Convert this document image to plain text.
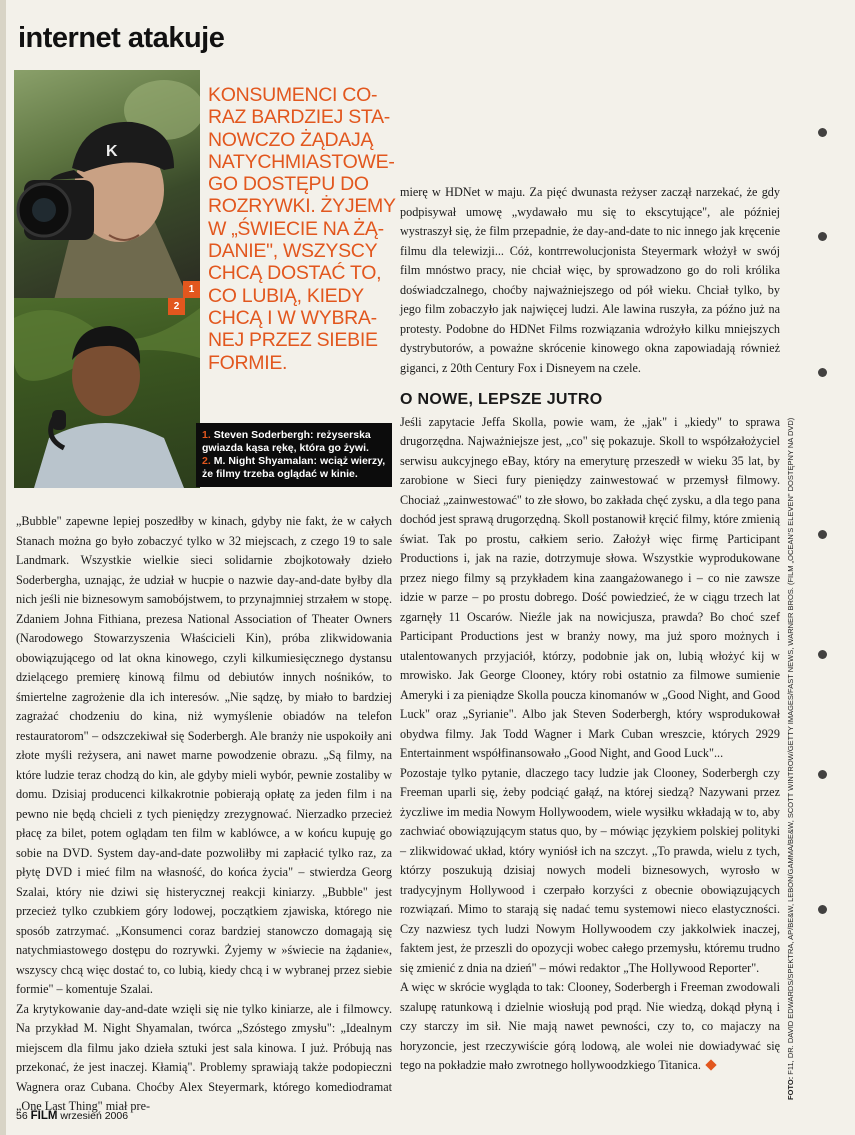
internet atakuje
K
1
2
KONSUMENCI CO-
RAZ BARDZIEJ STA-
NOWCZO ŻĄDAJĄ
NATYCHMIASTOWE-
GO DOSTĘPU DO
ROZRYWKI. ŻYJEMY
W „ŚWIECIE NA ŻĄ-
DANIE", WSZYSCY
CHCĄ DOSTAĆ TO,
CO LUBIĄ, KIEDY
CHCĄ I W WYBRA-
NEJ PRZEZ SIEBIE
FORMIE.
1. Steven Soderbergh: reżyserska gwiazda kąsa rękę, która go żywi.
2. M. Night Shyamalan: wciąż wierzy, że filmy trzeba oglądać w kinie.

„Bubble" zapewne lepiej poszedłby w kinach, gdyby nie fakt, że w całych Stanach można go było zobaczyć tylko w 32 miejscach, z czego 19 to sale Landmark. Wszystkie wielkie sieci solidarnie zbojkotowały dzieło Soderbergha, uznając, że udział w hucpie o nazwie day-and-date byłby dla nich jeśli nie biznesowym samobójstwem, to przynajmniej strzałem w stopę. Zdaniem Johna Fithiana, prezesa National Association of Theater Owners (Narodowego Stowarzyszenia Właścicieli Kin), próba zlikwidowania obowiązującego od lat okna kinowego, czyli kilkumiesięcznego dystansu dzielącego premierę kinową filmu od debiutów innych nośników, to śmiertelne zagrożenie dla ich interesów. „Nie sądzę, by miało to bardziej zagrażać chodzeniu do kina, niż wymyślenie obiadów na telefon restauratorom" – odszczekiwał się Soderbergh. Ale branży nie uspokoiły ani złote myśli reżysera, ani nawet marne powodzenie obrazu. „Są filmy, na które ludzie teraz chodzą do kin, ale gdyby mieli wybór, pewnie zostaliby w domu. Dzisiaj producenci kilkakrotnie pobierają opłatę za jeden film i na pewno nie będą chcieli z tych pieniędzy zrezygnować. Nierzadko przecież płacę za bilet, potem oglądam ten film w kablówce, a w końcu kupuję go sobie na DVD. System day-and-date pozwoliłby mi zapłacić tylko raz, za płytę DVD i mieć film na własność, do końca życia" – stwierdza Georg Szalai, który nie dziwi się histerycznej reakcji kiniarzy. „Bubble" jest przecież tylko czubkiem góry lodowej, początkiem zjawiska, którego nie sposób zatrzymać. „Konsumenci coraz bardziej stanowczo domagają się natychmiastowego dostępu do rozrywki. Żyjemy w »świecie na żądanie«, wszyscy chcą więc dostać to, co lubią, kiedy chcą i w wybranej przez siebie formie" – komentuje Szalai.

Za krytykowanie day-and-date wzięli się nie tylko kiniarze, ale i filmowcy. Na przykład M. Night Shyamalan, twórca „Szóstego zmysłu": „Idealnym miejscem dla filmu jako dzieła sztuki jest sala kinowa. I już. Próbują nas przekonać, że jest inaczej. Kłamią". Problemy sprawiają także podopieczni Wagnera oraz Cubana. Choćby Alex Steyermark, którego komediodramat „One Last Thing" miał pre-

mierę w HDNet w maju. Za pięć dwunasta reżyser zaczął narzekać, że gdy podpisywał umowę „wydawało mu się to ekscytujące", ale później wystraszył się, że film przepadnie, że day-and-date to nic innego jak kręcenie filmu dla telewizji... Cóż, kontrrewolucjonista Steyermark włożył w swój film mnóstwo pracy, nie chciał więc, by sprowadzono go do roli królika doświadczalnego, choćby najważniejszego od pół wieku. Chciał tylko, by jego film zobaczyło jak najwięcej ludzi. Ale lawina ruszyła, za późno już na protesty. Podobne do HDNet Films rozwiązania wdrożyło kilku mniejszych dystrybutorów, a poważne skrócenie kinowego okna zapowiadają również giganci, z 20th Century Fox i Disneyem na czele.

O NOWE, LEPSZE JUTRO

Jeśli zapytacie Jeffa Skolla, powie wam, że „jak" i „kiedy" to sprawa drugorzędna. Najważniejsze jest, „co" się pokazuje. Skoll to współzałożyciel serwisu aukcyjnego eBay, który na emeryturę przeszedł w wieku 35 lat, by zarobione w Sieci fury pieniędzy zainwestować w przemysł filmowy. Chociaż „zainwestować" to złe słowo, bo zakłada chęć zysku, a dla tego pana dochód jest sprawą drugorzędną. Skoll postanowił kręcić filmy, które zmienią świat. Tak po prostu, całkiem serio. Założył więc firmę Participant Productions i, jak na razie, dotrzymuje słowa. Wszystkie wyprodukowane przez niego filmy są przykładem kina zaangażowanego i – co nie zawsze idzie w parze – po prostu dobrego. Dość powiedzieć, że w ciągu trzech lat zgarnęły 11 Oscarów. Nieźle jak na nowicjusza, prawda? Bo choć szef Participant Productions jest w branży nowy, ma już sporo możnych i utalentowanych przyjaciół, którzy, podobnie jak on, lubią włożyć kij w mrowisko. Jak George Clooney, który robi ostatnio za filmowe sumienie Ameryki i za pieniądze Skolla poucza kinomanów w „Good Night, and Good Luck" oraz „Syrianie". Albo jak Steven Soderbergh, który wsprodukował obydwa filmy. Jak Todd Wagner i Mark Cuban wreszcie, których 2929 Entertainment współfinansowało „Good Night, and Good Luck"...

Pozostaje tylko pytanie, dlaczego tacy ludzie jak Clooney, Soderbergh czy Freeman uparli się, żeby podciąć gałąź, na której siedzą? Nazywani przez życzliwe im media Nowym Hollywoodem, wiele wysiłku wkładają w to, aby zachwiać obowiązującym status quo, by – mówiąc językiem polskiej polityki – zlikwidować układ, który wyniósł ich na szczyt. „To prawda, wielu z tych, którzy poszukują dzisiaj nowych modeli biznesowych, wyrosło w tradycyjnym Hollywood i czerpało korzyści z obecnie obowiązujących rozwiązań. Mimo to starają się nadać temu systemowi nieco elastyczności. Czy nazwiesz tych ludzi Nowym Hollywoodem czy jakkolwiek inaczej, faktem jest, że przeszli do opozycji wobec całego przemysłu, któremu trudno się zmienić z dnia na dzień" – mówi redaktor „The Hollywood Reporter".

A więc w skrócie wygląda to tak: Clooney, Soderbergh i Freeman zwodowali szalupę ratunkową i dzielnie wiosłują pod prąd. Nie wiedzą, dokąd płyną i czy starczy im sił. Nie mają nawet pewności, czy to, co majaczy na horyzoncie, jest rzeczywiście górą lodową, ale wolei nie dowiadywać się tego na pokładzie mało zwrotnego hollywoodzkiego Titanica.

FOTO: F11, DR. DAVID EDWARDS/SPEKTRA, AP/BE&W, LEBON/GAMMA/BE&W, SCOTT WINTROW/GETTY IMAGES/FAST NEWS, WARNER BROS. (FILM „OCEAN'S ELEVEN" DOSTĘPNY NA DVD)
56 FILM wrzesień 2006
